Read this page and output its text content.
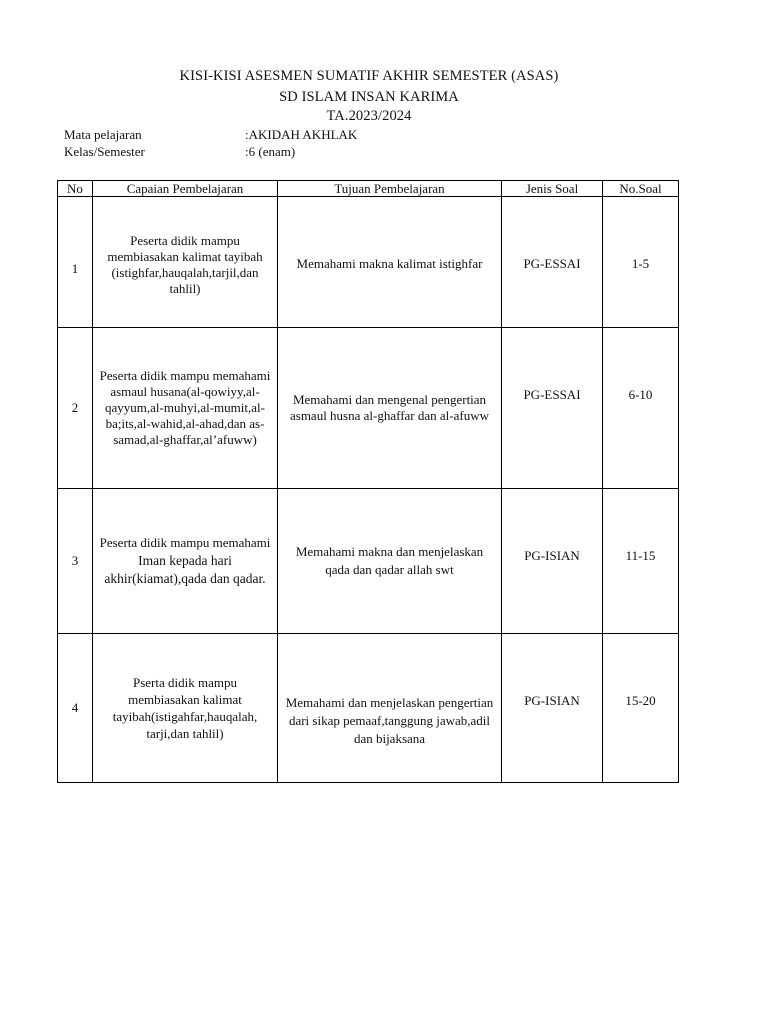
KISI-KISI ASESMEN SUMATIF AKHIR SEMESTER (ASAS)
SD ISLAM INSAN KARIMA
TA.2023/2024
Mata pelajaran	:AKIDAH AKHLAK
Kelas/Semester	:6 (enam)
No	Capaian Pembelajaran	Tujuan Pembelajaran	Jenis Soal	No.Soal

1	Peserta didik mampu membiasakan kalimat tayibah (istighfar,hauqalah,tarjil,dan tahlil)	Memahami makna kalimat istighfar	PG-ESSAI	1-5

2	Peserta didik mampu memahami asmaul husana(al-qowiyy,al-qayyum,al-muhyi,al-mumit,al-ba;its,al-wahid,al-ahad,dan as-samad,al-ghaffar,al’afuww)	Memahami dan mengenal pengertian asmaul husna al-ghaffar dan al-afuww	PG-ESSAI	6-10

3	Peserta didik mampu memahami
Iman kepada hari akhir(kiamat),qada dan qadar.	Memahami makna dan menjelaskan qada dan qadar allah swt	PG-ISIAN	11-15

4	Pserta didik mampu membiasakan kalimat tayibah(istigahfar,hauqalah, tarji,dan tahlil)	Memahami dan menjelaskan pengertian dari sikap pemaaf,tanggung jawab,adil dan bijaksana	PG-ISIAN	15-20
